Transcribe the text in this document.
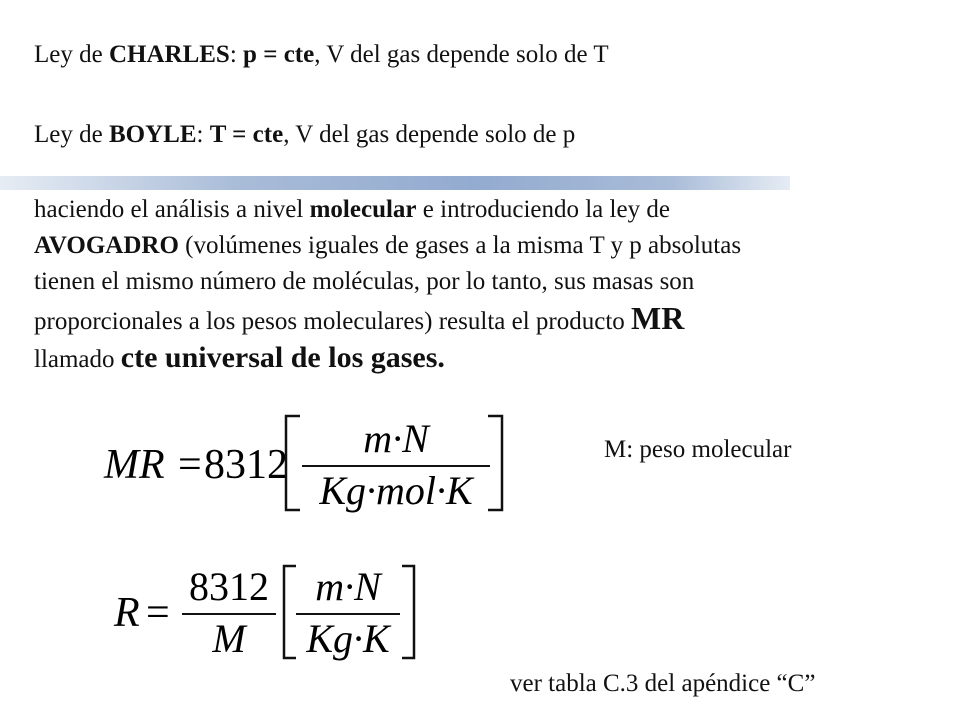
Ley de CHARLES: p = cte, V del gas depende solo de T
Ley de BOYLE: T = cte, V del gas depende solo de p
haciendo el análisis a nivel molecular e introduciendo la ley de
AVOGADRO (volúmenes iguales de gases a la misma T y p absolutas
tienen el mismo número de moléculas, por lo tanto, sus masas son
proporcionales a los pesos moleculares) resulta el producto MR
llamado cte universal de los gases.
MR = 8312
m·N
Kg·mol·K
M: peso molecular
R =
8312
M
m·N
Kg·K
ver tabla C.3 del apéndice “C”
